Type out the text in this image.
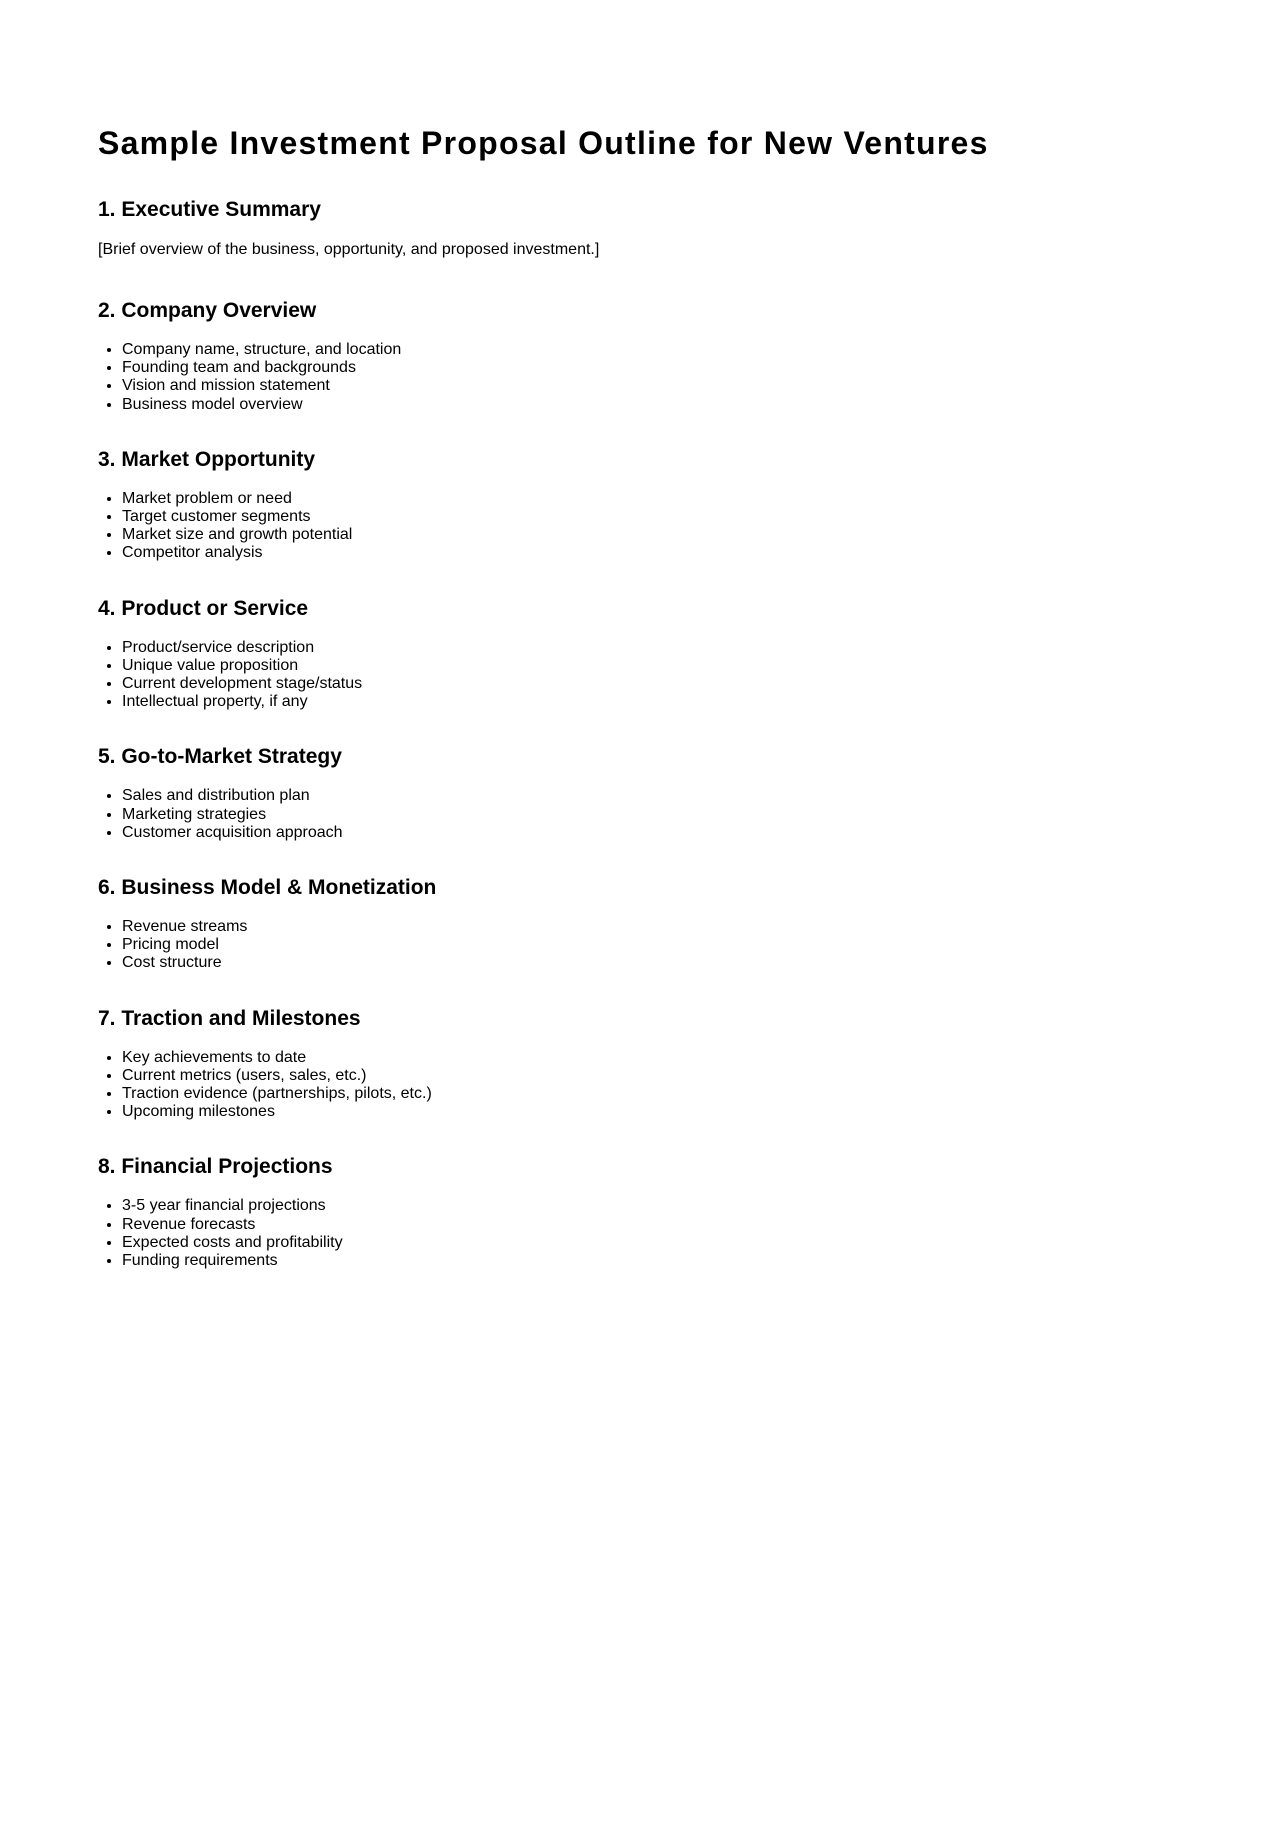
Sample Investment Proposal Outline for New Ventures
1. Executive Summary

[Brief overview of the business, opportunity, and proposed investment.]

2. Company Overview
• Company name, structure, and location
• Founding team and backgrounds
• Vision and mission statement
• Business model overview
3. Market Opportunity
• Market problem or need
• Target customer segments
• Market size and growth potential
• Competitor analysis
4. Product or Service
• Product/service description
• Unique value proposition
• Current development stage/status
• Intellectual property, if any
5. Go-to-Market Strategy
• Sales and distribution plan
• Marketing strategies
• Customer acquisition approach
6. Business Model & Monetization
• Revenue streams
• Pricing model
• Cost structure
7. Traction and Milestones
• Key achievements to date
• Current metrics (users, sales, etc.)
• Traction evidence (partnerships, pilots, etc.)
• Upcoming milestones
8. Financial Projections
• 3-5 year financial projections
• Revenue forecasts
• Expected costs and profitability
• Funding requirements
